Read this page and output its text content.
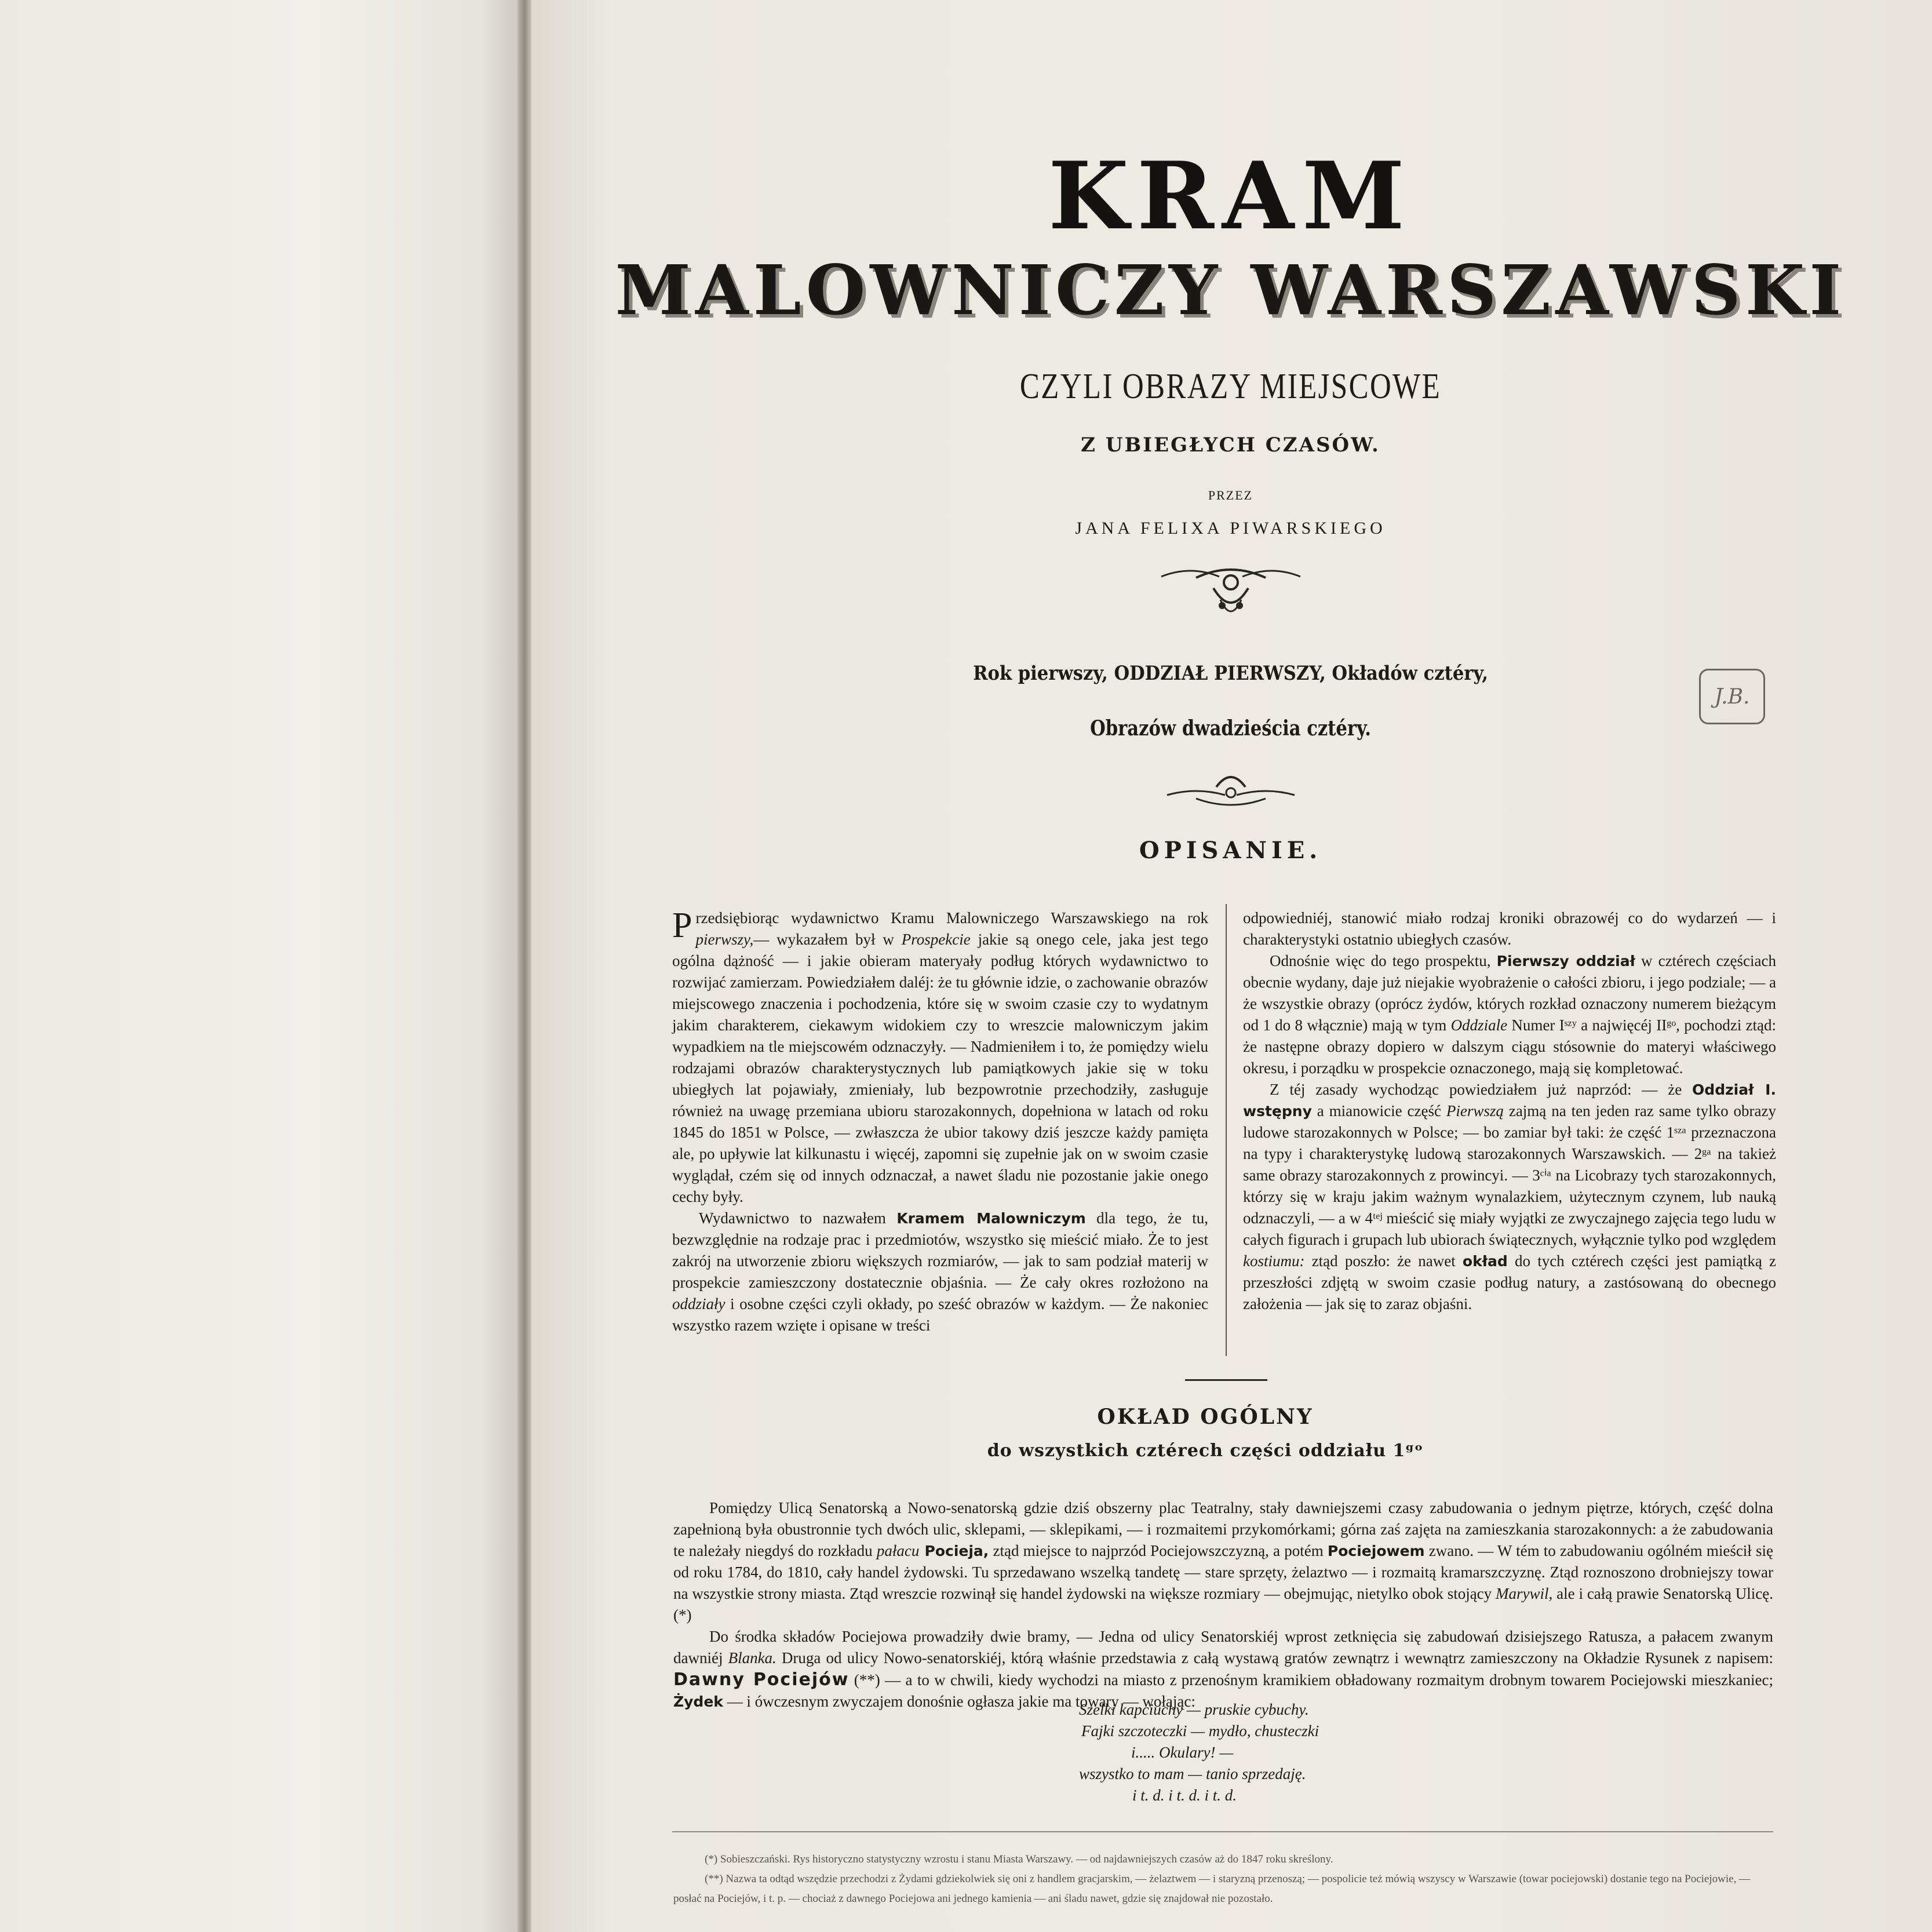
KRAM
MALOWNICZY WARSZAWSKI
CZYLI OBRAZY MIEJSCOWE
Z UBIEGŁYCH CZASÓW.
PRZEZ
JANA FELIXA PIWARSKIEGO
Rok pierwszy, ODDZIAŁ PIERWSZY, Okładów cztéry,
Obrazów dwadzieścia cztéry.
J.B.
OPISANIE.

Przedsiębiorąc wydawnictwo Kramu Malowniczego Warszawskiego na rok pierwszy,— wykazałem był w Prospekcie jakie są onego cele, jaka jest tego ogólna dążność — i jakie obieram materyały podług których wydawnictwo to rozwijać zamierzam. Powiedziałem daléj: że tu głównie idzie, o zachowanie obrazów miejscowego znaczenia i pochodzenia, które się w swoim czasie czy to wydatnym jakim charakterem, ciekawym widokiem czy to wreszcie malowniczym jakim wypadkiem na tle miejscowém odznaczyły. — Nadmieniłem i to, że pomiędzy wielu rodzajami obrazów charakterystycznych lub pamiątkowych jakie się w toku ubiegłych lat pojawiały, zmieniały, lub bezpowrotnie przechodziły, zasługuje również na uwagę przemiana ubioru starozakonnych, dopełniona w latach od roku 1845 do 1851 w Polsce, — zwłaszcza że ubior takowy dziś jeszcze każdy pamięta ale, po upływie lat kilkunastu i więcéj, zapomni się zupełnie jak on w swoim czasie wyglądał, czém się od innych odznaczał, a nawet śladu nie pozostanie jakie onego cechy były.

Wydawnictwo to nazwałem Kramem Malowniczym dla tego, że tu, bezwzględnie na rodzaje prac i przedmiotów, wszystko się mieścić miało. Że to jest zakrój na utworzenie zbioru większych rozmiarów, — jak to sam podział materij w prospekcie zamieszczony dostatecznie objaśnia. — Że cały okres rozłożono na oddziały i osobne części czyli okłady, po sześć obrazów w każdym. — Że nakoniec wszystko razem wzięte i opisane w treści

odpowiedniéj, stanowić miało rodzaj kroniki obrazowéj co do wydarzeń — i charakterystyki ostatnio ubiegłych czasów.

Odnośnie więc do tego prospektu, Pierwszy oddział w cztérech częściach obecnie wydany, daje już niejakie wyobrażenie o całości zbioru, i jego podziale; — a że wszystkie obrazy (oprócz żydów, których rozkład oznaczony numerem bieżącym od 1 do 8 włącznie) mają w tym Oddziale Numer Iˢᶻʸ a najwięcéj IIᵍᵒ, pochodzi ztąd: że następne obrazy dopiero w dalszym ciągu stósownie do materyi właściwego okresu, i porządku w prospekcie oznaczonego, mają się kompletować.

Z téj zasady wychodząc powiedziałem już naprzód: — że Oddział I. wstępny a mianowicie część Pierwszą zajmą na ten jeden raz same tylko obrazy ludowe starozakonnych w Polsce; — bo zamiar był taki: że część 1ˢᶻᵃ przeznaczona na typy i charakterystykę ludową starozakonnych Warszawskich. — 2ᵍᵃ na takież same obrazy starozakonnych z prowincyi. — 3ᶜⁱᵃ na Licobrazy tych starozakonnych, którzy się w kraju jakim ważnym wynalazkiem, użytecznym czynem, lub nauką odznaczyli, — a w 4ᵗᵉʲ mieścić się miały wyjątki ze zwyczajnego zajęcia tego ludu w całych figurach i grupach lub ubiorach świątecznych, wyłącznie tylko pod względem kostiumu: ztąd poszło: że nawet okład do tych cztérech części jest pamiątką z przeszłości zdjętą w swoim czasie podług natury, a zastósowaną do obecnego założenia — jak się to zaraz objaśni.

OKŁAD OGÓLNY
do wszystkich cztérech części oddziału 1ᵍᵒ

Pomiędzy Ulicą Senatorską a Nowo-senatorską gdzie dziś obszerny plac Teatralny, stały dawniejszemi czasy zabudowania o jednym piętrze, których, część dolna zapełnioną była obustronnie tych dwóch ulic, sklepami, — sklepikami, — i rozmaitemi przykomórkami; górna zaś zajęta na zamieszkania starozakonnych: a że zabudowania te należały niegdyś do rozkładu pałacu Pocieja, ztąd miejsce to najprzód Pociejowszczyzną, a potém Pociejowem zwano. — W tém to zabudowaniu ogólném mieścił się od roku 1784, do 1810, cały handel żydowski. Tu sprzedawano wszelką tandetę — stare sprzęty, żelaztwo — i rozmaitą kramarszczyznę. Ztąd roznoszono drobniejszy towar na wszystkie strony miasta. Ztąd wreszcie rozwinął się handel żydowski na większe rozmiary — obejmując, nietylko obok stojący Marywil, ale i całą prawie Senatorską Ulicę. (*)

Do środka składów Pociejowa prowadziły dwie bramy, — Jedna od ulicy Senatorskiéj wprost zetknięcia się zabudowań dzisiejszego Ratusza, a pałacem zwanym dawniéj Blanka. Druga od ulicy Nowo-senatorskiéj, którą właśnie przedstawia z całą wystawą gratów zewnątrz i wewnątrz zamieszczony na Okładzie Rysunek z napisem: Dawny Pociejów (**) — a to w chwili, kiedy wychodzi na miasto z przenośnym kramikiem obładowany rozmaitym drobnym towarem Pociejowski mieszkaniec; Żydek — i ówczesnym zwyczajem donośnie ogłasza jakie ma towary — wołając:

Szelki kapciuchy — pruskie cybuchy.
Fajki szczoteczki — mydło, chusteczki
i..... Okulary! —
wszystko to mam — tanio sprzedaję.
i t. d. i t. d. i t. d.

(*) Sobieszczański. Rys historyczno statystyczny wzrostu i stanu Miasta Warszawy. — od najdawniejszych czasów aż do 1847 roku skreślony.

(**) Nazwa ta odtąd wszędzie przechodzi z Żydami gdziekolwiek się oni z handlem gracjarskim, — żelaztwem — i staryzną przenoszą; — pospolicie też mówią wszyscy w Warszawie (towar pociejowski) dostanie tego na Pociejowie, — posłać na Pociejów, i t. p. — chociaż z dawnego Pociejowa ani jednego kamienia — ani śladu nawet, gdzie się znajdował nie pozostało.
